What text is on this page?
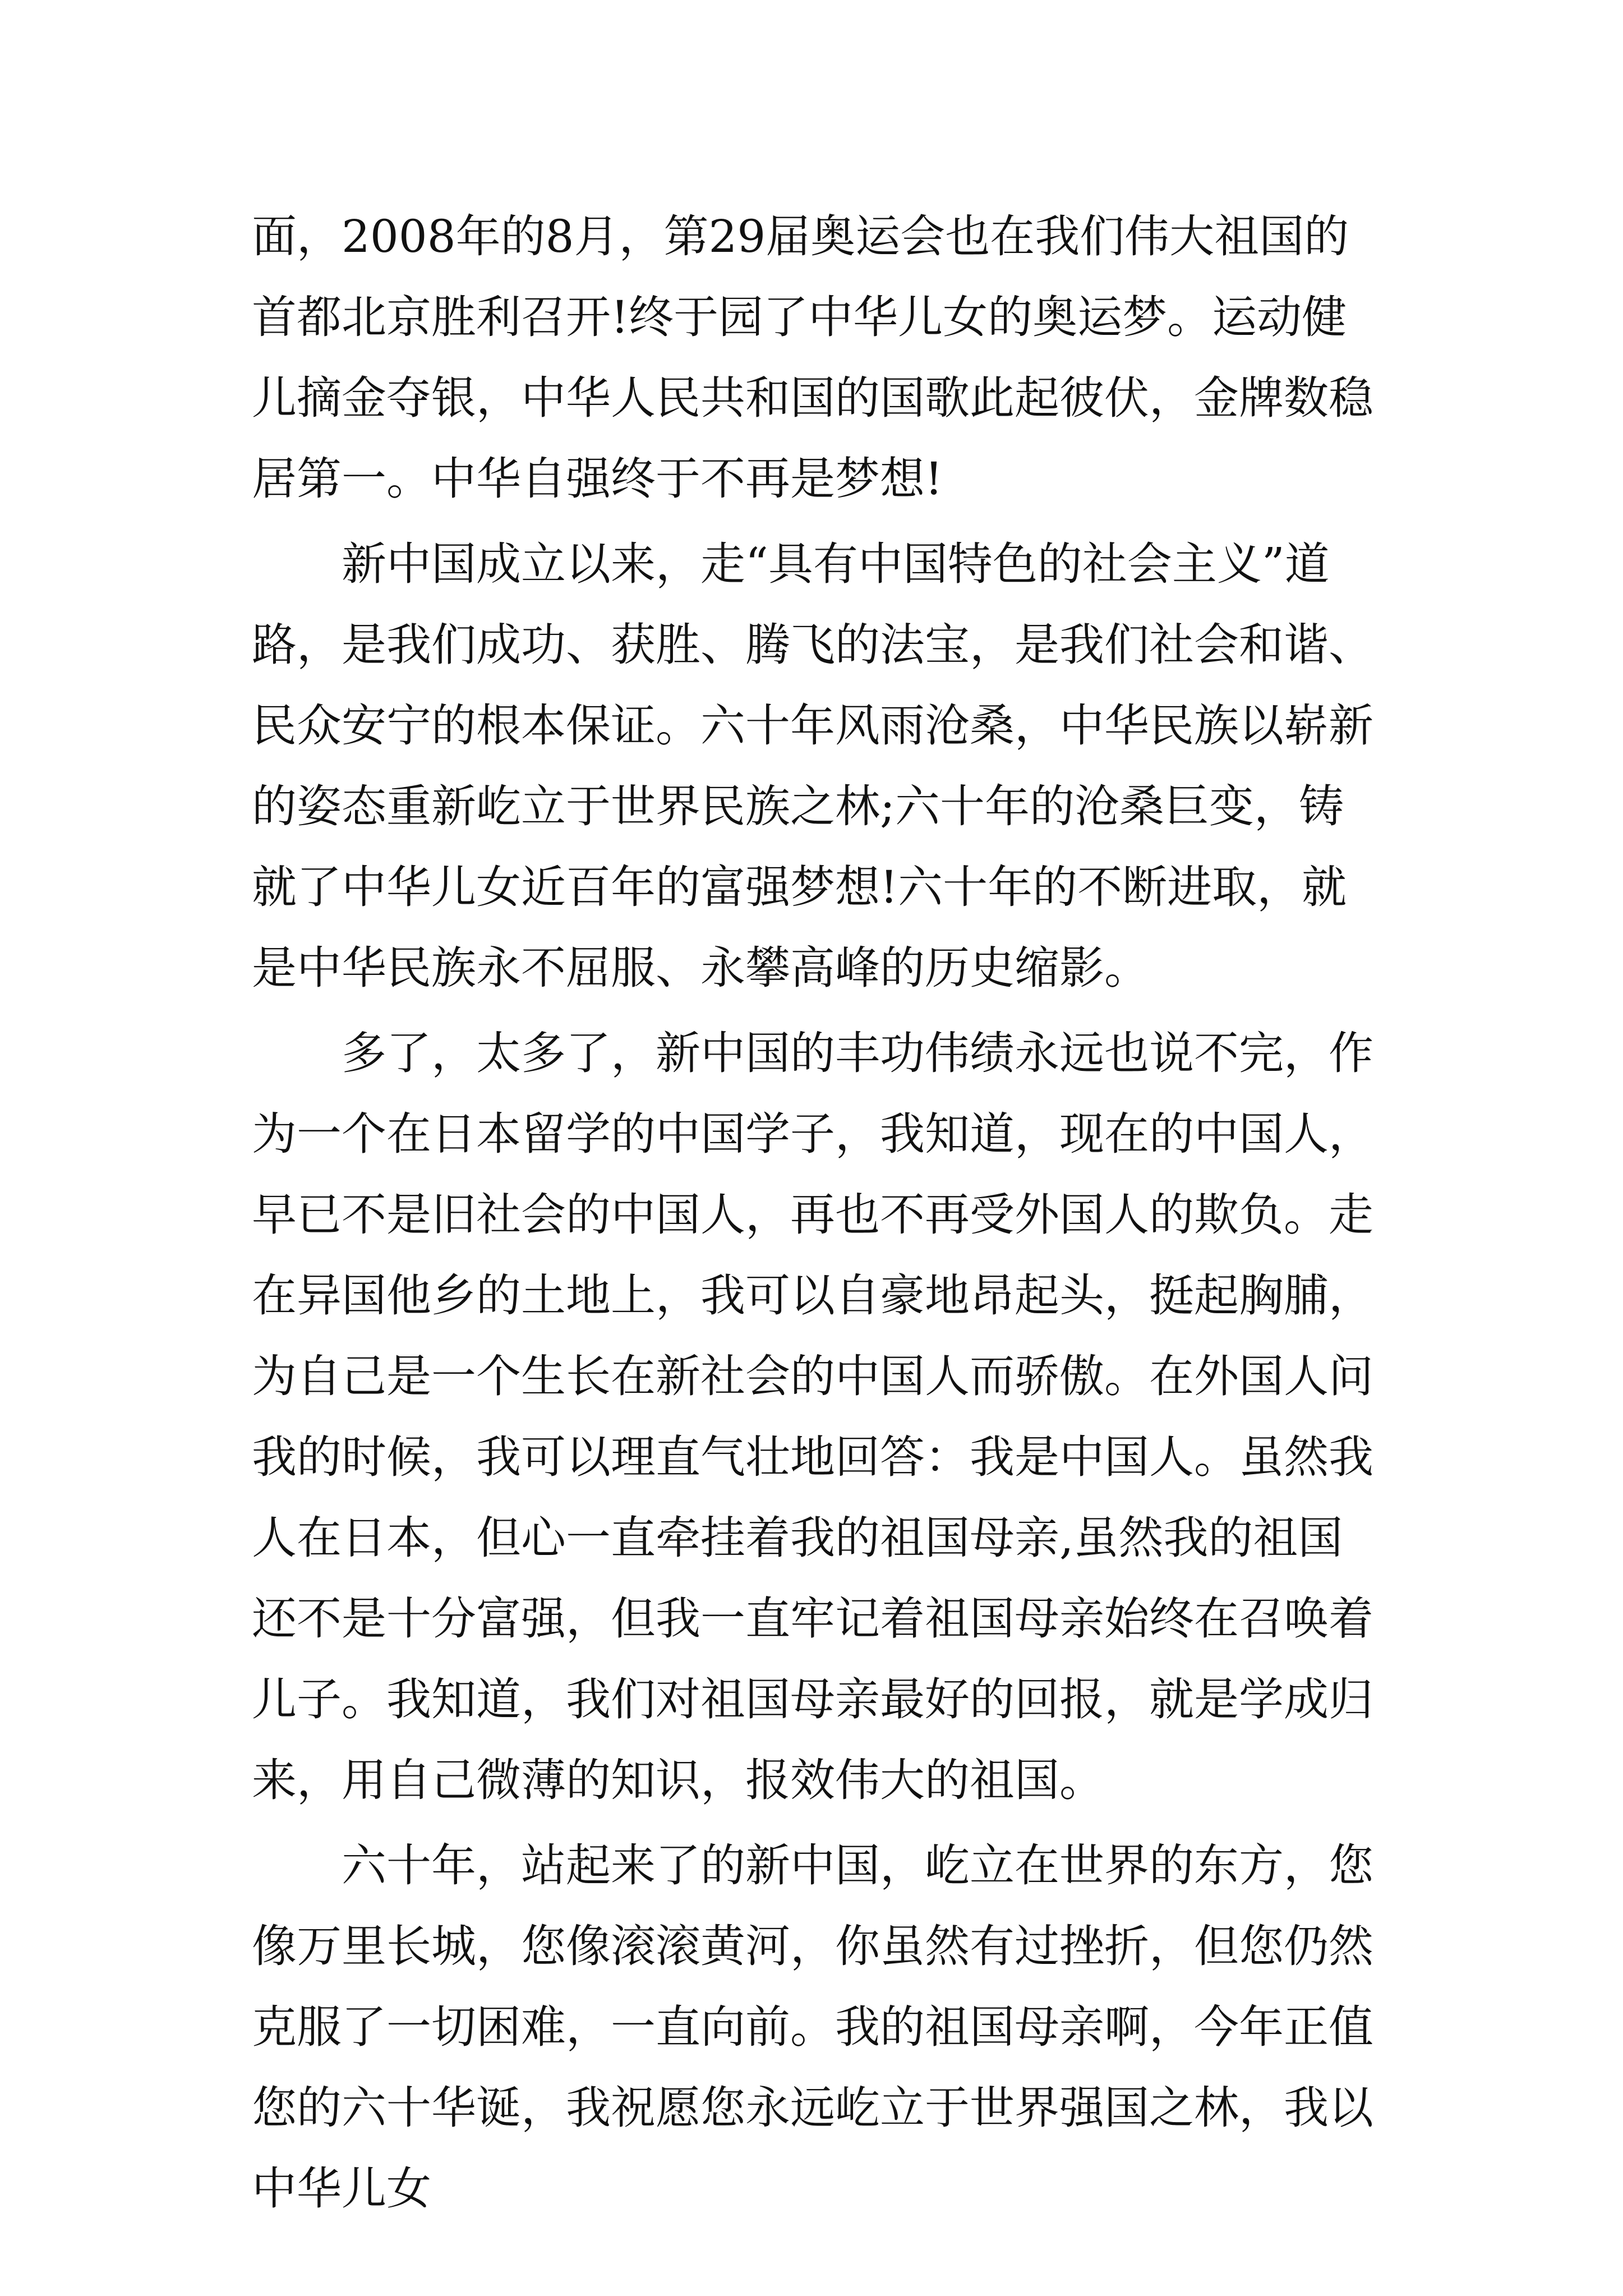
面，2008年的8月，第29届奥运会也在我们伟大祖国的首都北京胜利召开!终于园了中华儿女的奥运梦。运动健儿摘金夺银，中华人民共和国的国歌此起彼伏，金牌数稳居第一。中华自强终于不再是梦想!

新中国成立以来，走“具有中国特色的社会主义”道路，是我们成功、获胜、腾飞的法宝，是我们社会和谐、民众安宁的根本保证。六十年风雨沧桑，中华民族以崭新的姿态重新屹立于世界民族之林;六十年的沧桑巨变，铸就了中华儿女近百年的富强梦想!六十年的不断进取，就是中华民族永不屈服、永攀高峰的历史缩影。

多了，太多了，新中国的丰功伟绩永远也说不完，作为一个在日本留学的中国学子，我知道，现在的中国人，早已不是旧社会的中国人，再也不再受外国人的欺负。走在异国他乡的土地上，我可以自豪地昂起头，挺起胸脯，为自己是一个生长在新社会的中国人而骄傲。在外国人问我的时候，我可以理直气壮地回答：我是中国人。虽然我人在日本，但心一直牵挂着我的祖国母亲,虽然我的祖国还不是十分富强，但我一直牢记着祖国母亲始终在召唤着儿子。我知道，我们对祖国母亲最好的回报，就是学成归来，用自己微薄的知识，报效伟大的祖国。

六十年，站起来了的新中国，屹立在世界的东方，您像万里长城，您像滚滚黄河，你虽然有过挫折，但您仍然克服了一切困难，一直向前。我的祖国母亲啊，今年正值您的六十华诞，我祝愿您永远屹立于世界强国之林，我以中华儿女
